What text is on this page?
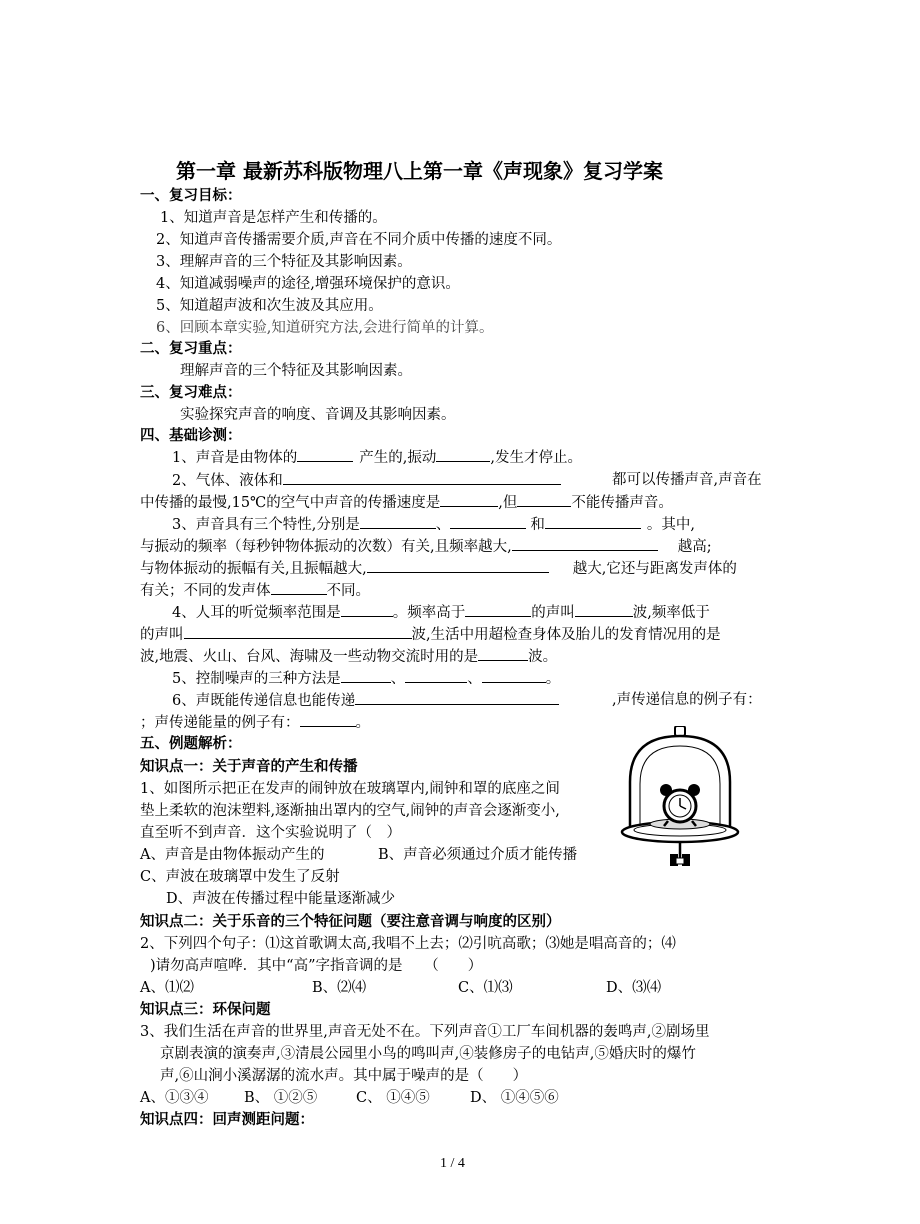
第一章 最新苏科版物理八上第一章《声现象》复习学案
一、复习目标：
1、知道声音是怎样产生和传播的。
2、知道声音传播需要介质,声音在不同介质中传播的速度不同。
3、理解声音的三个特征及其影响因素。
4、知道减弱噪声的途径,增强环境保护的意识。
5、知道超声波和次生波及其应用。
6、回顾本章实验,知道研究方法,会进行简单的计算。
二、复习重点：
理解声音的三个特征及其影响因素。
三、复习难点：
实验探究声音的响度、音调及其影响因素。
四、基础诊测：
1、声音是由物体的	产生的,振动	,发生才停止。
2、气体、液体和	都可以传播声音,声音在
中传播的最慢,15℃的空气中声音的传播速度是	,但	不能传播声音。
3、声音具有三个特性,分别是	、	和	。其中,
与振动的频率（每秒钟物体振动的次数）有关,且频率越大,	越高;
与物体振动的振幅有关,且振幅越大,	越大,它还与距离发声体的
有关；不同的发声体	不同。
4、人耳的听觉频率范围是	。频率高于	的声叫	波,频率低于
的声叫	波,生活中用超检查身体及胎儿的发育情况用的是
波,地震、火山、台风、海啸及一些动物交流时用的是	波。
5、控制噪声的三种方法是	、	、	。
6、声既能传递信息也能传递	,声传递信息的例子有：
；声传递能量的例子有：	。
五、例题解析：
知识点一：关于声音的产生和传播
1、如图所示把正在发声的闹钟放在玻璃罩内,闹钟和罩的底座之间
垫上柔软的泡沫塑料,逐渐抽出罩内的空气,闹钟的声音会逐渐变小,
直至听不到声音．这个实验说明了（　）
A、声音是由物体振动产生的	B、声音必须通过介质才能传播
C、声波在玻璃罩中发生了反射
D、声波在传播过程中能量逐渐减少
知识点二：关于乐音的三个特征问题（要注意音调与响度的区别）
2、下列四个句子：⑴这首歌调太高,我唱不上去；⑵引吭高歌；⑶她是唱高音的；⑷
)请勿高声喧哗．其中“高”字指音调的是　　（　　）
A、⑴⑵	B、⑵⑷	C、⑴⑶	D、⑶⑷
知识点三：环保问题
3、我们生活在声音的世界里,声音无处不在。下列声音①工厂车间机器的轰鸣声,②剧场里
京剧表演的演奏声,③清晨公园里小鸟的鸣叫声,④装修房子的电钻声,⑤婚庆时的爆竹
声,⑥山涧小溪潺潺的流水声。其中属于噪声的是（　　）
A、①③④ B、 ①②⑤	C、 ①④⑤	D、 ①④⑤⑥
知识点四：回声测距问题：
1 / 4
